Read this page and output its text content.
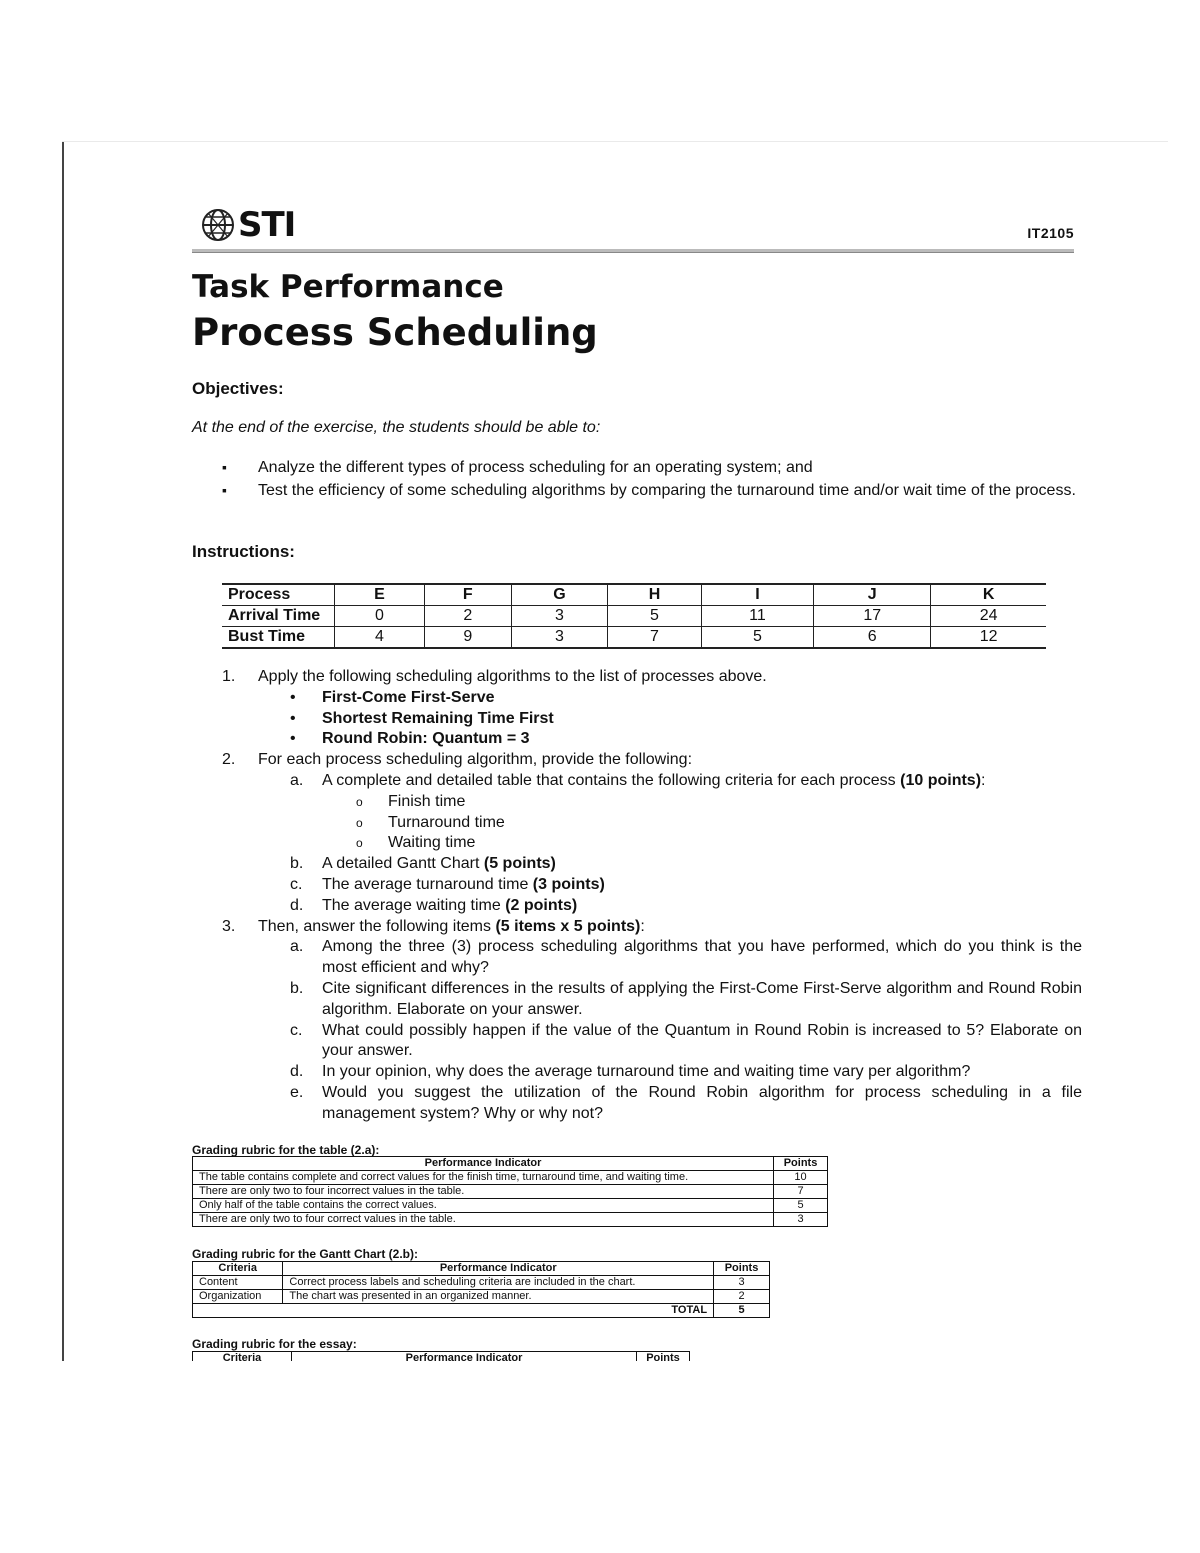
STI	IT2105
Task Performance
Process Scheduling
Objectives:
At the end of the exercise, the students should be able to:
▪ Analyze the different types of process scheduling for an operating system; and
▪ Test the efficiency of some scheduling algorithms by comparing the turnaround time and/or wait time of the process.
Instructions:
Process	E	F	G	H	I	J	K
Arrival Time	0	2	3	5	11	17	24
Bust Time	4	9	3	7	5	6	12
1. Apply the following scheduling algorithms to the list of processes above.
• First-Come First-Serve
• Shortest Remaining Time First
• Round Robin: Quantum = 3
2. For each process scheduling algorithm, provide the following:
a. A complete and detailed table that contains the following criteria for each process (10 points):
o Finish time
o Turnaround time
o Waiting time
b. A detailed Gantt Chart (5 points)
c. The average turnaround time (3 points)
d. The average waiting time (2 points)
3. Then, answer the following items (5 items x 5 points):
a. Among the three (3) process scheduling algorithms that you have performed, which do you think is the most efficient and why?
b. Cite significant differences in the results of applying the First-Come First-Serve algorithm and Round Robin algorithm. Elaborate on your answer.
c. What could possibly happen if the value of the Quantum in Round Robin is increased to 5? Elaborate on your answer.
d. In your opinion, why does the average turnaround time and waiting time vary per algorithm?
e. Would you suggest the utilization of the Round Robin algorithm for process scheduling in a file management system? Why or why not?
Grading rubric for the table (2.a):
Performance Indicator	Points
The table contains complete and correct values for the finish time, turnaround time, and waiting time.	10
There are only two to four incorrect values in the table.	7
Only half of the table contains the correct values.	5
There are only two to four correct values in the table.	3
Grading rubric for the Gantt Chart (2.b):
Criteria	Performance Indicator	Points
Content	Correct process labels and scheduling criteria are included in the chart.	3
Organization	The chart was presented in an organized manner.	2
TOTAL		5
Grading rubric for the essay:
Criteria	Performance Indicator	Points
